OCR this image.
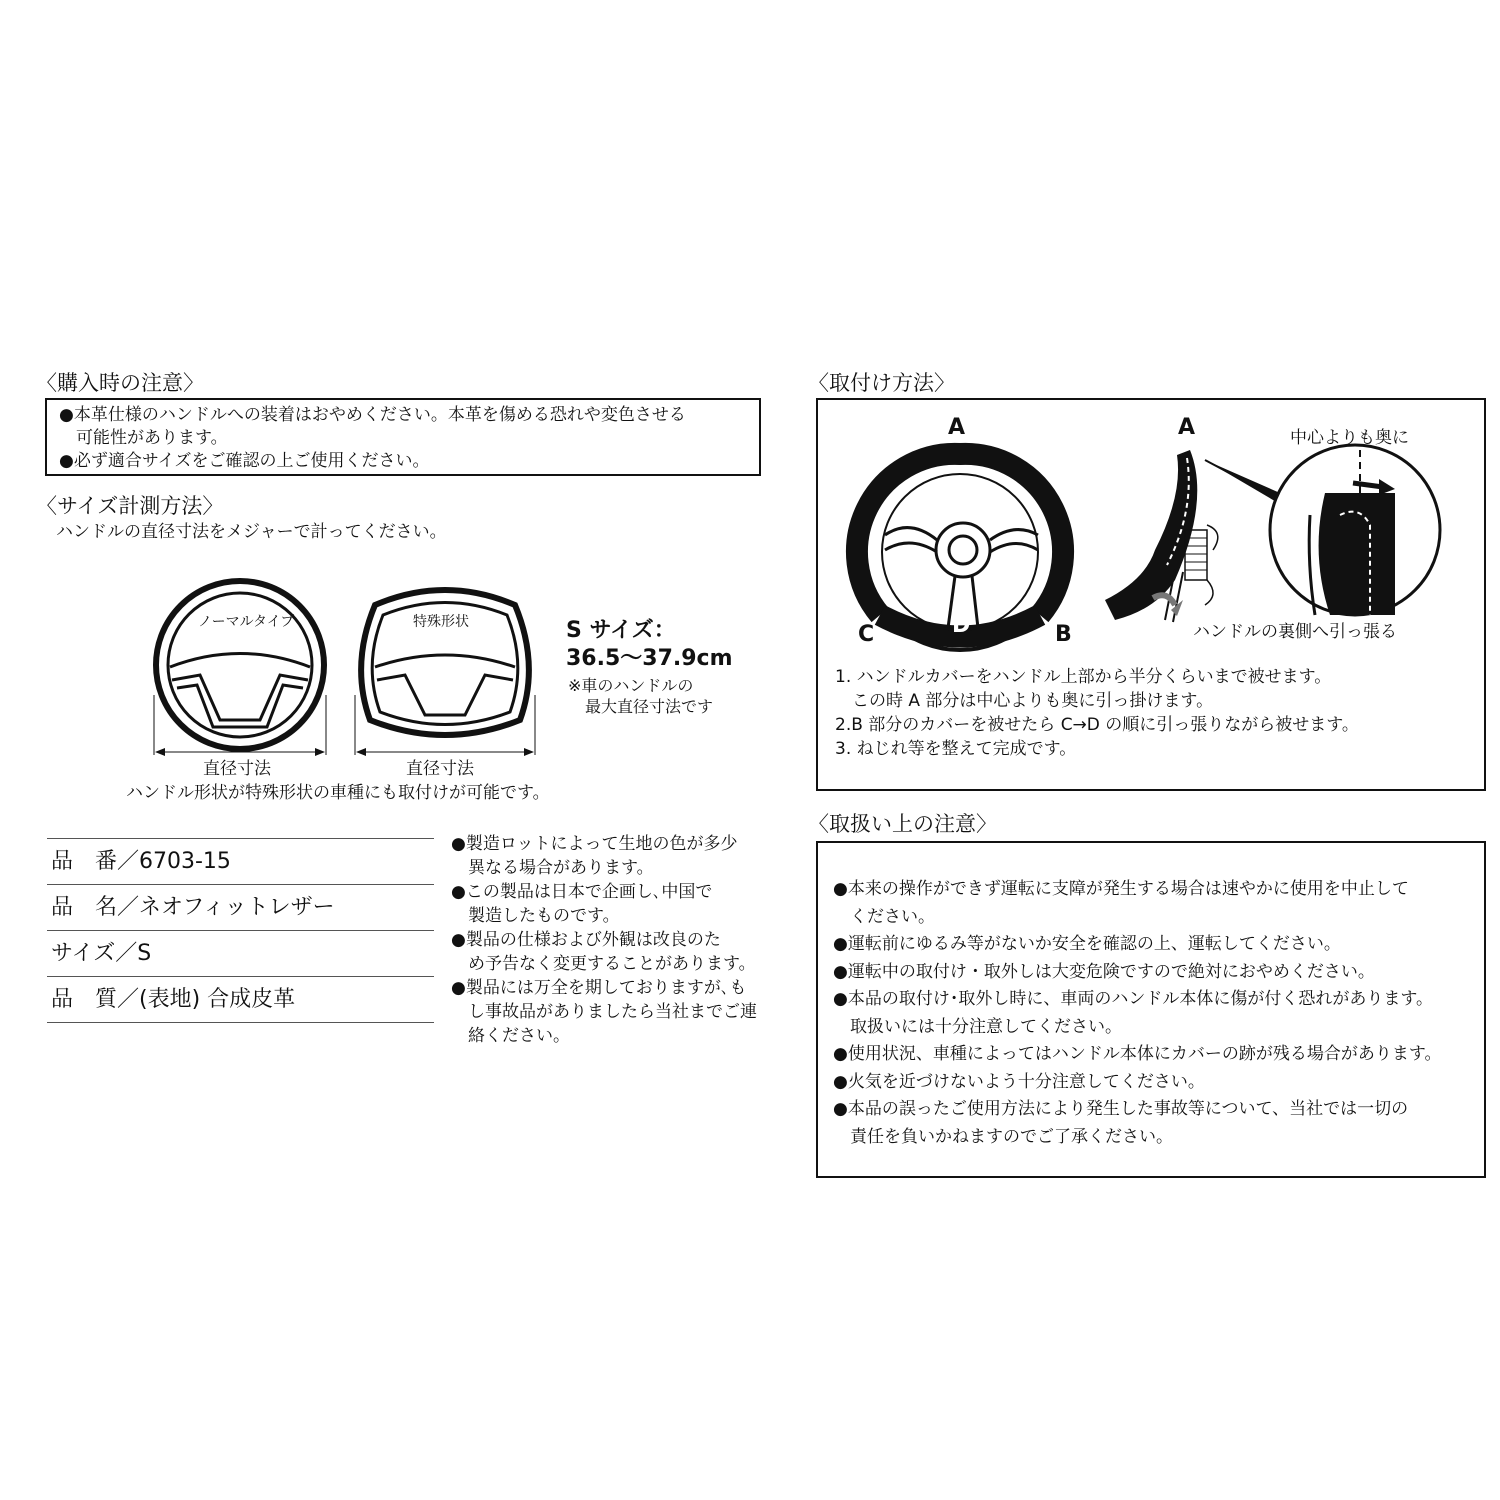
〈購入時の注意〉
●本革仕様のハンドルへの装着はおやめください。本革を傷める恐れや変色させる
　可能性があります。
●必ず適合サイズをご確認の上ご使用ください。
〈サイズ計測方法〉
ハンドルの直径寸法をメジャーで計ってください。
ノーマルタイプ
直径寸法
特殊形状
直径寸法
S サイズ：
36.5〜37.9cm
※車のハンドルの
最大直径寸法です
ハンドル形状が特殊形状の車種にも取付けが可能です。
品　番／6703-15
品　名／ネオフィットレザー
サイズ／S
品　質／(表地) 合成皮革
●製造ロットによって生地の色が多少
　異なる場合があります。
●この製品は日本で企画し､中国で
　製造したものです。
●製品の仕様および外観は改良のた
　め予告なく変更することがあります。
●製品には万全を期しておりますが､も
　し事故品がありましたら当社までご連
　絡ください。
〈取付け方法〉
A
C	D	B
A	中心よりも奥に
ハンドルの裏側へ引っ張る
1. ハンドルカバーをハンドル上部から半分くらいまで被せます。
　この時 A 部分は中心よりも奥に引っ掛けます。
2.B 部分のカバーを被せたら C→D の順に引っ張りながら被せます。
3. ねじれ等を整えて完成です。
〈取扱い上の注意〉
●本来の操作ができず運転に支障が発生する場合は速やかに使用を中止して
　ください。
●運転前にゆるみ等がないか安全を確認の上、運転してください。
●運転中の取付け・取外しは大変危険ですので絶対におやめください。
●本品の取付け･取外し時に、車両のハンドル本体に傷が付く恐れがあります。
　取扱いには十分注意してください。
●使用状況、車種によってはハンドル本体にカバーの跡が残る場合があります。
●火気を近づけないよう十分注意してください。
●本品の誤ったご使用方法により発生した事故等について、当社では一切の
　責任を負いかねますのでご了承ください。
